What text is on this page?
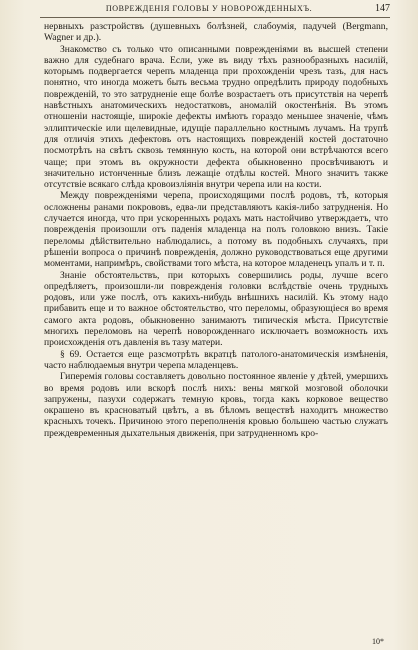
ПОВРЕЖДЕНІЯ ГОЛОВЫ У НОВОРОЖДЕННЫХЪ.	147

нервныхъ разстройствъ (душевныхъ болѣзней, слабоумія, падучей (Bergmann, Wagner и др.).

Знакомство съ только что описанными поврежденіями въ высшей степени важно для судебнаго врача. Если, уже въ виду тѣхъ разнообразныхъ насилій, которымъ подвергается черепъ младенца при прохожденіи чрезъ тазъ, для насъ понятно, что иногда можетъ быть весьма трудно опредѣлить природу подобныхъ поврежденій, то это затрудненіе еще болѣе возрастаетъ отъ присутствія на черепѣ навѣстныхъ анатомическихъ недостатковъ, аномалій окостенѣнія. Въ этомъ отношеніи настоящіе, широкіе дефекты имѣютъ гораздо меньшее значеніе, чѣмъ эллиптическіе или щелевидные, идущіе параллельно костнымъ лучамъ. На трупѣ для отличія этихъ дефектовъ отъ настоящихъ поврежденій костей достаточно посмотрѣть на свѣтъ сквозь темянную кость, на которой они встрѣчаются всего чаще; при этомъ въ окружности дефекта обыкновенно просвѣчиваютъ и значительно истонченные близъ лежащіе отдѣлы костей. Много значитъ также отсутствіе всякаго слѣда кровоизліянія внутри черепа или на кости.

Между поврежденіями черепа, происходящими послѣ родовъ, тѣ, которыя осложнены ранами покрововъ, едва-ли представляютъ какія-либо затрудненія. Но случается иногда, что при ускоренныхъ родахъ мать настойчиво утверждаетъ, что поврежденія произошли отъ паденія младенца на полъ головкою внизъ. Такіе переломы дѣйствительно наблюдались, а потому въ подобныхъ случаяхъ, при рѣшеніи вопроса о причинѣ поврежденія, должно руководствоваться еще другими моментами, напримѣръ, свойствами того мѣста, на которое младенецъ упалъ и т. п.

Знаніе обстоятельствъ, при которыхъ совершились роды, лучше всего опредѣляетъ, произошли-ли поврежденія головки вслѣдствіе очень трудныхъ родовъ, или уже послѣ, отъ какихъ-нибудь внѣшнихъ насилій. Къ этому надо прибавить еще и то важное обстоятельство, что переломы, образующіеся во время самого акта родовъ, обыкновенно занимаютъ типическія мѣста. Присутствіе многихъ переломовъ на черепѣ новорожденнаго исключаетъ возможность ихъ происхожденія отъ давленія въ тазу матери.

§ 69. Остается еще разсмотрѣть вкратцѣ патолого-анатомическія измѣненія, часто наблюдаемыя внутри черепа младенцевъ.

Гиперемія головы составляетъ довольно постоянное явленіе у дѣтей, умершихъ во время родовъ или вскорѣ послѣ нихъ: вены мягкой мозговой оболочки запружены, пазухи содержатъ темную кровь, тогда какъ корковое вещество окрашено въ красноватый цвѣтъ, а въ бѣломъ веществѣ находитъ множество красныхъ точекъ. Причиною этого переполненія кровью большею частью служатъ преждевременныя дыхательныя движенія, при затрудненномъ кро-

10*
